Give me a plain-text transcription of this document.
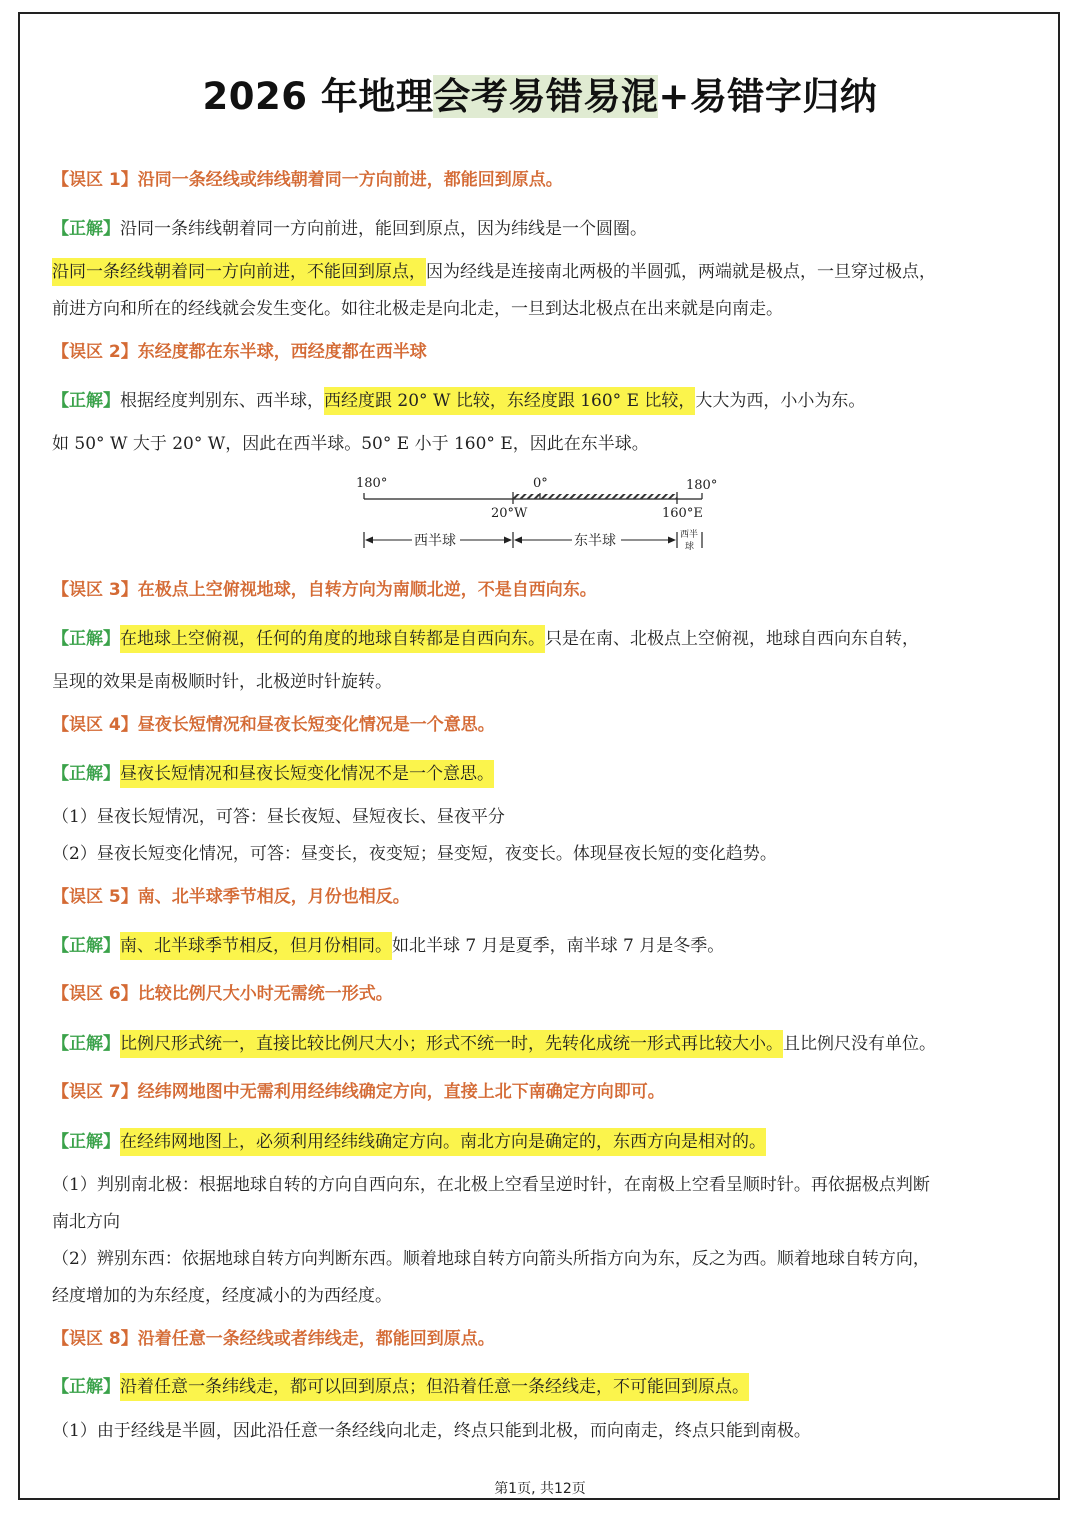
2026 年地理会考易错易混+易错字归纳
【误区 1】沿同一条经线或纬线朝着同一方向前进，都能回到原点。
【正解】沿同一条纬线朝着同一方向前进，能回到原点，因为纬线是一个圆圈。
沿同一条经线朝着同一方向前进，不能回到原点，因为经线是连接南北两极的半圆弧，两端就是极点，一旦穿过极点，
前进方向和所在的经线就会发生变化。如往北极走是向北走，一旦到达北极点在出来就是向南走。
【误区 2】东经度都在东半球，西经度都在西半球
【正解】根据经度判别东、西半球，西经度跟 20° W 比较，东经度跟 160° E 比较，大大为西，小小为东。
如 50° W 大于 20° W，因此在西半球。50° E 小于 160° E，因此在东半球。
180°	0°	180°
20°W	160°E
西半球	东半球	西半
球
【误区 3】在极点上空俯视地球，自转方向为南顺北逆，不是自西向东。
【正解】在地球上空俯视，任何的角度的地球自转都是自西向东。只是在南、北极点上空俯视，地球自西向东自转，
呈现的效果是南极顺时针，北极逆时针旋转。
【误区 4】昼夜长短情况和昼夜长短变化情况是一个意思。
【正解】昼夜长短情况和昼夜长短变化情况不是一个意思。
（1）昼夜长短情况，可答：昼长夜短、昼短夜长、昼夜平分
（2）昼夜长短变化情况，可答：昼变长，夜变短；昼变短，夜变长。体现昼夜长短的变化趋势。
【误区 5】南、北半球季节相反，月份也相反。
【正解】南、北半球季节相反，但月份相同。如北半球 7 月是夏季，南半球 7 月是冬季。
【误区 6】比较比例尺大小时无需统一形式。
【正解】比例尺形式统一，直接比较比例尺大小；形式不统一时，先转化成统一形式再比较大小。且比例尺没有单位。
【误区 7】经纬网地图中无需利用经纬线确定方向，直接上北下南确定方向即可。
【正解】在经纬网地图上，必须利用经纬线确定方向。南北方向是确定的，东西方向是相对的。
（1）判别南北极：根据地球自转的方向自西向东，在北极上空看呈逆时针，在南极上空看呈顺时针。再依据极点判断
南北方向
（2）辨别东西：依据地球自转方向判断东西。顺着地球自转方向箭头所指方向为东，反之为西。顺着地球自转方向，
经度增加的为东经度，经度减小的为西经度。
【误区 8】沿着任意一条经线或者纬线走，都能回到原点。
【正解】沿着任意一条纬线走，都可以回到原点；但沿着任意一条经线走，不可能回到原点。
（1）由于经线是半圆，因此沿任意一条经线向北走，终点只能到北极，而向南走，终点只能到南极。
第1页, 共12页
